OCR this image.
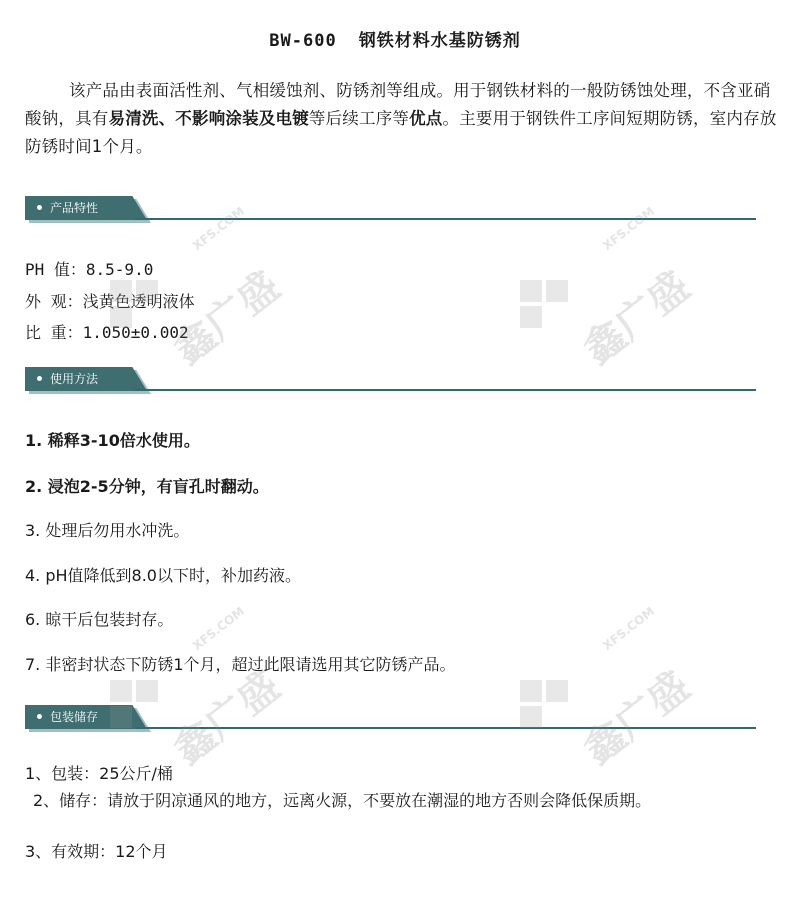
BW-600 钢铁材料水基防锈剂
该产品由表面活性剂、气相缓蚀剂、防锈剂等组成。用于钢铁材料的一般防锈蚀处理，不含亚硝酸钠，具有易清洗、不影响涂装及电镀等后续工序等优点。主要用于钢铁件工序间短期防锈，室内存放防锈时间1个月。
产品特性
PH 值：8.5-9.0
外 观：浅黄色透明液体
比 重：1.050±0.002
使用方法
1. 稀释3-10倍水使用。
2. 浸泡2-5分钟，有盲孔时翻动。
3. 处理后勿用水冲洗。
4. pH值降低到8.0以下时，补加药液。
6. 晾干后包装封存。
7. 非密封状态下防锈1个月，超过此限请选用其它防锈产品。
包装储存
1、包装：25公斤/桶
2、储存：请放于阴凉通风的地方，远离火源，不要放在潮湿的地方否则会降低保质期。
3、有效期：12个月
鑫广盛
XFS.COM
鑫广盛
XFS.COM
鑫广盛
XFS.COM
鑫广盛
XFS.COM
